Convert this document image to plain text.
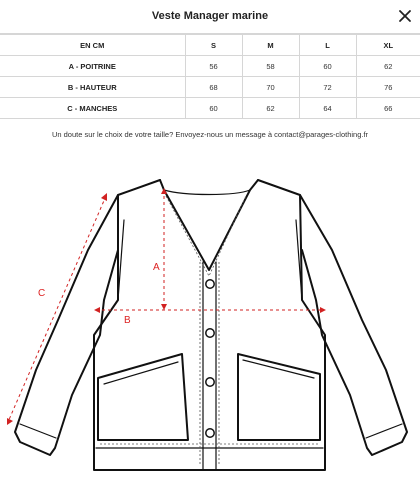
Veste Manager marine
EN CM	S	M	L	XL
A - POITRINE	56	58	60	62
B - HAUTEUR	68	70	72	76
C - MANCHES	60	62	64	66
Un doute sur le choix de votre taille? Envoyez-nous un message à contact@parages-clothing.fr
A
B
C
